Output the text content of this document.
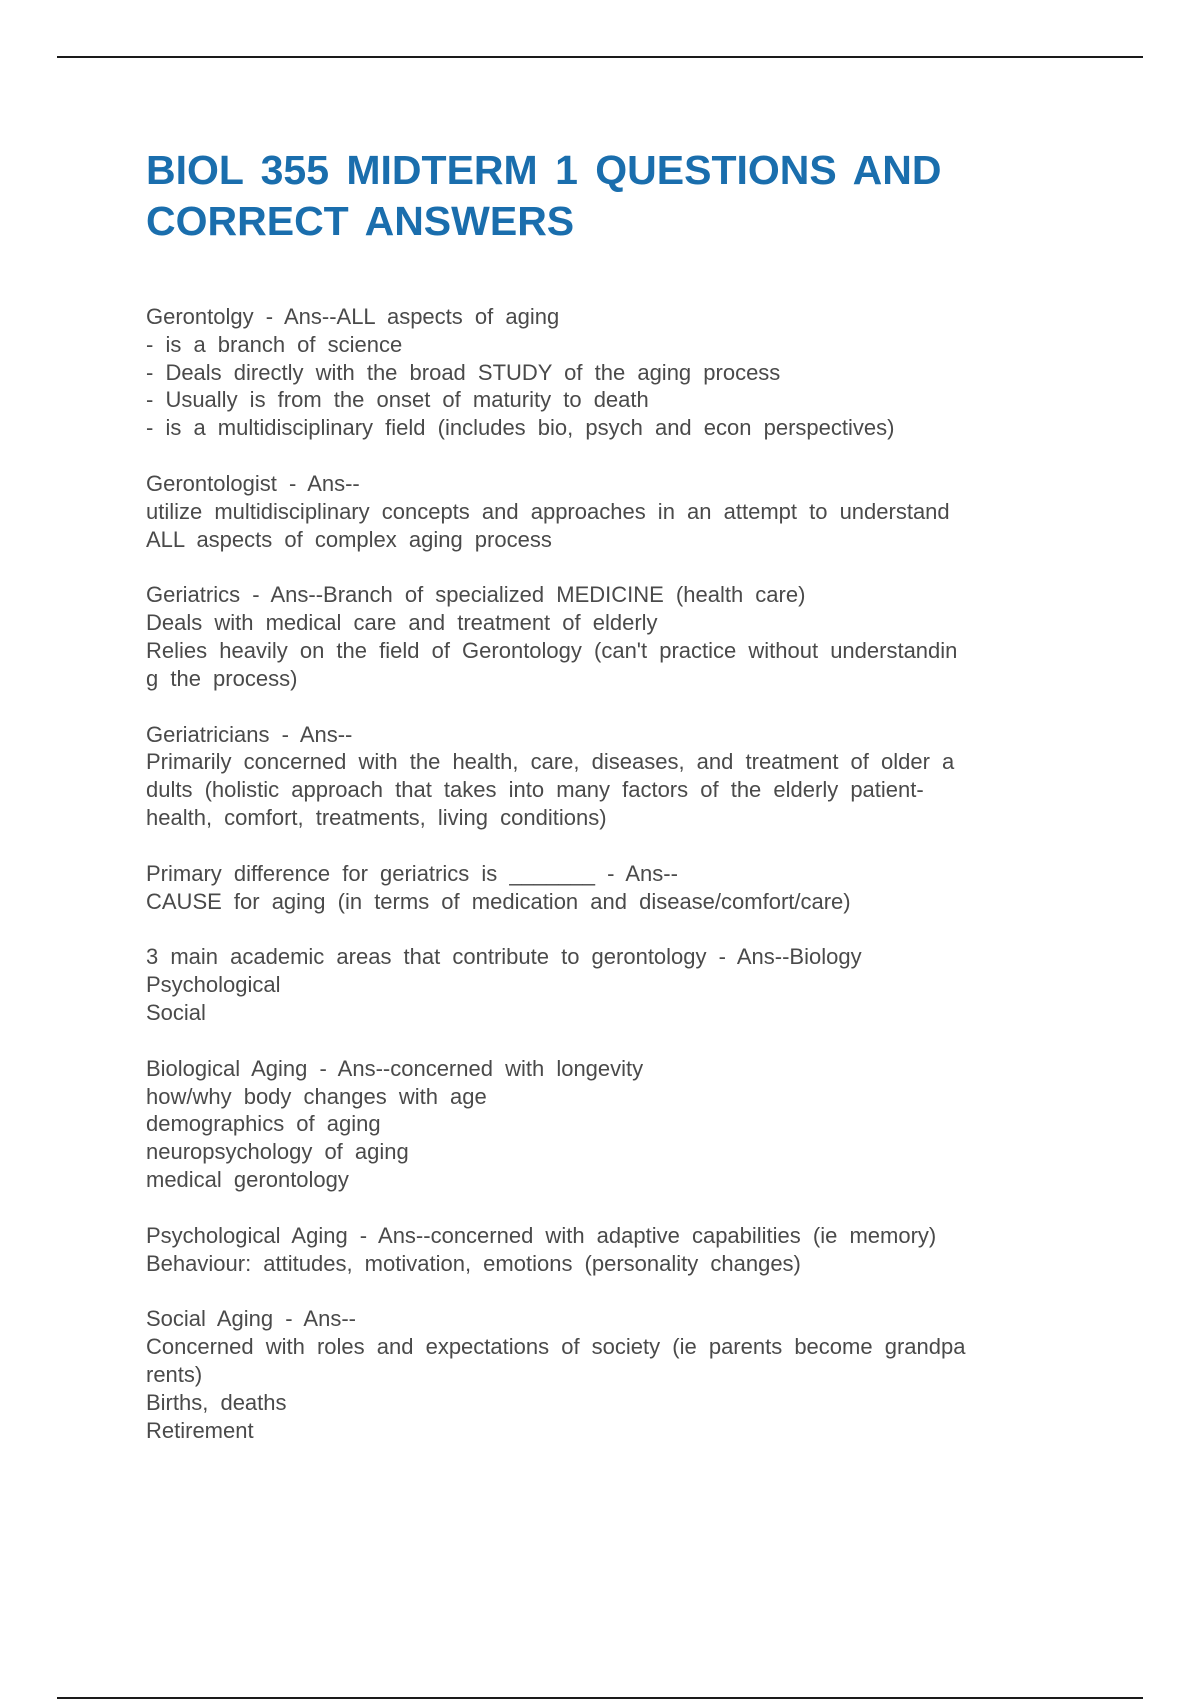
BIOL 355 MIDTERM 1 QUESTIONS AND
CORRECT ANSWERS
Gerontolgy - Ans--ALL aspects of aging
- is a branch of science
- Deals directly with the broad STUDY of the aging process
- Usually is from the onset of maturity to death
- is a multidisciplinary field (includes bio, psych and econ perspectives)
Gerontologist - Ans--
utilize multidisciplinary concepts and approaches in an attempt to understand
ALL aspects of complex aging process
Geriatrics - Ans--Branch of specialized MEDICINE (health care)
Deals with medical care and treatment of elderly
Relies heavily on the field of Gerontology (can't practice without understandin
g the process)
Geriatricians - Ans--
Primarily concerned with the health, care, diseases, and treatment of older a
dults (holistic approach that takes into many factors of the elderly patient-
health, comfort, treatments, living conditions)
Primary difference for geriatrics is _______ - Ans--
CAUSE for aging (in terms of medication and disease/comfort/care)
3 main academic areas that contribute to gerontology - Ans--Biology
Psychological
Social
Biological Aging - Ans--concerned with longevity
how/why body changes with age
demographics of aging
neuropsychology of aging
medical gerontology
Psychological Aging - Ans--concerned with adaptive capabilities (ie memory)
Behaviour: attitudes, motivation, emotions (personality changes)
Social Aging - Ans--
Concerned with roles and expectations of society (ie parents become grandpa
rents)
Births, deaths
Retirement
